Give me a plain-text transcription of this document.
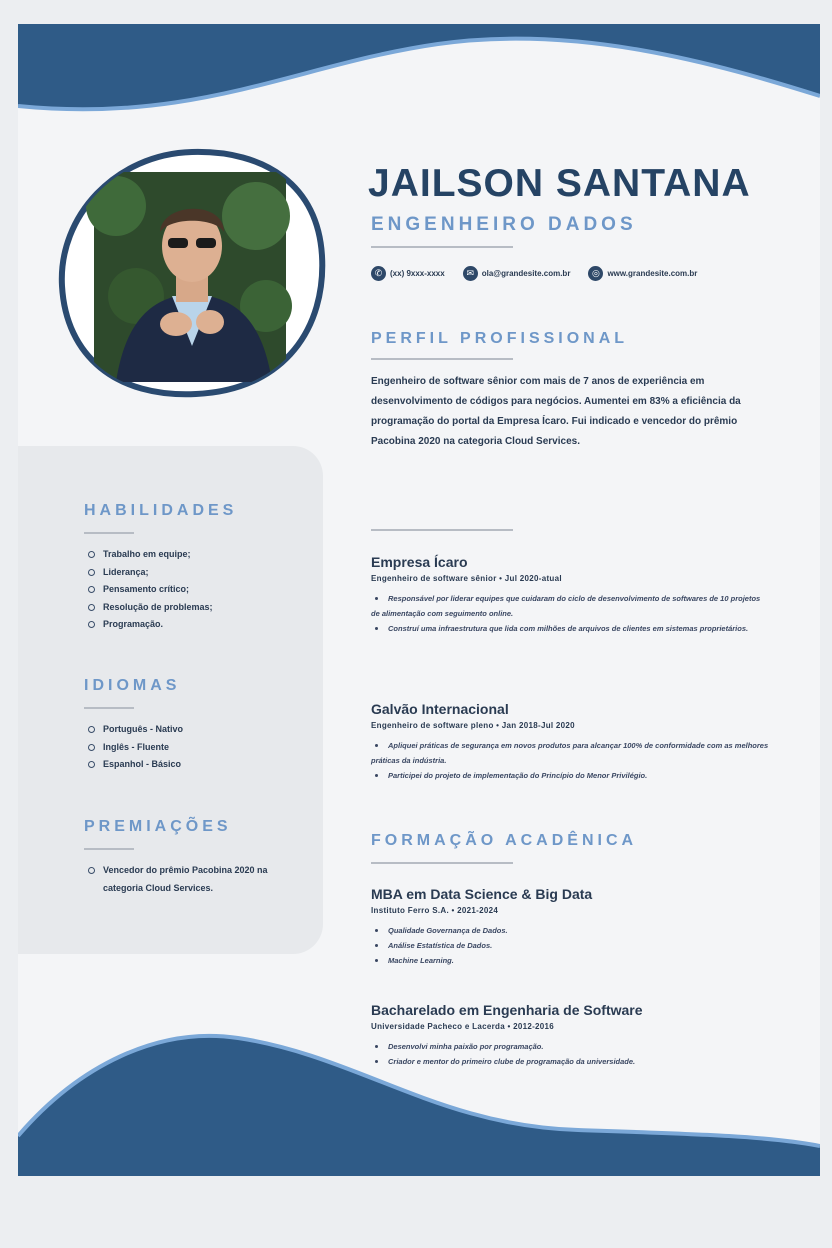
JAILSON SANTANA
ENGENHEIRO DADOS
✆ (xx) 9xxx-xxxx	✉ ola@grandesite.com.br	◎ www.grandesite.com.br
PERFIL PROFISSIONAL

Engenheiro de software sênior com mais de 7 anos de experiência em desenvolvimento de códigos para negócios. Aumentei em 83% a eficiência da programação do portal da Empresa Ícaro. Fui indicado e vencedor do prêmio Pacobina 2020 na categoria Cloud Services.

Empresa Ícaro
Engenheiro de software sênior • Jul 2020-atual
Responsável por liderar equipes que cuidaram do ciclo de desenvolvimento de softwares de 10 projetos de alimentação com seguimento online.
Construí uma infraestrutura que lida com milhões de arquivos de clientes em sistemas proprietários.
Galvão Internacional
Engenheiro de software pleno • Jan 2018-Jul 2020
Apliquei práticas de segurança em novos produtos para alcançar 100% de conformidade com as melhores práticas da indústria.
Participei do projeto de implementação do Princípio do Menor Privilégio.
FORMAÇÃO ACADÊNICA
MBA em Data Science & Big Data
Instituto Ferro S.A. • 2021-2024
Qualidade Governança de Dados.
Análise Estatística de Dados.
Machine Learning.
Bacharelado em Engenharia de Software
Universidade Pacheco e Lacerda • 2012-2016
Desenvolvi minha paixão por programação.
Criador e mentor do primeiro clube de programação da universidade.
HABILIDADES
Trabalho em equipe;
Liderança;
Pensamento crítico;
Resolução de problemas;
Programação.
IDIOMAS
Português - Nativo
Inglês - Fluente
Espanhol - Básico
PREMIAÇÕES
Vencedor do prêmio Pacobina 2020 na categoria Cloud Services.
